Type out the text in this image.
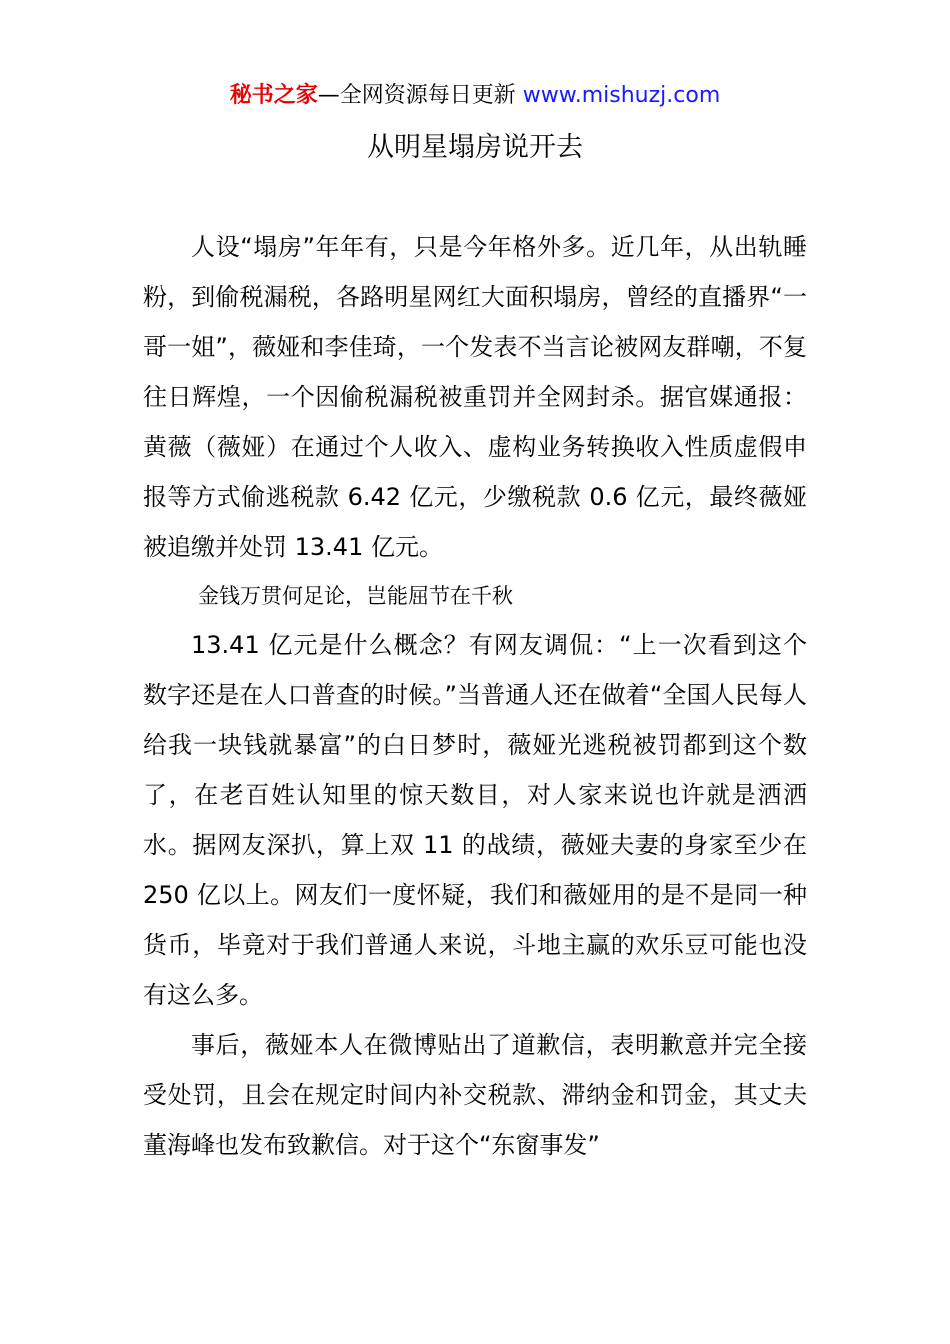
秘书之家—全网资源每日更新 www.mishuzj.com
从明星塌房说开去

人设“塌房”年年有，只是今年格外多。近几年，从出轨睡粉，到偷税漏税，各路明星网红大面积塌房，曾经的直播界“一哥一姐”，薇娅和李佳琦，一个发表不当言论被网友群嘲，不复往日辉煌，一个因偷税漏税被重罚并全网封杀。据官媒通报：黄薇（薇娅）在通过个人收入、虚构业务转换收入性质虚假申报等方式偷逃税款 6.42 亿元，少缴税款 0.6 亿元，最终薇娅被追缴并处罚 13.41 亿元。

金钱万贯何足论，岂能屈节在千秋

13.41 亿元是什么概念？有网友调侃：“上一次看到这个数字还是在人口普查的时候。”当普通人还在做着“全国人民每人给我一块钱就暴富”的白日梦时，薇娅光逃税被罚都到这个数了，在老百姓认知里的惊天数目，对人家来说也许就是洒洒水。据网友深扒，算上双 11 的战绩，薇娅夫妻的身家至少在 250 亿以上。网友们一度怀疑，我们和薇娅用的是不是同一种货币，毕竟对于我们普通人来说，斗地主赢的欢乐豆可能也没有这么多。

事后，薇娅本人在微博贴出了道歉信，表明歉意并完全接受处罚，且会在规定时间内补交税款、滞纳金和罚金，其丈夫董海峰也发布致歉信。对于这个“东窗事发”
